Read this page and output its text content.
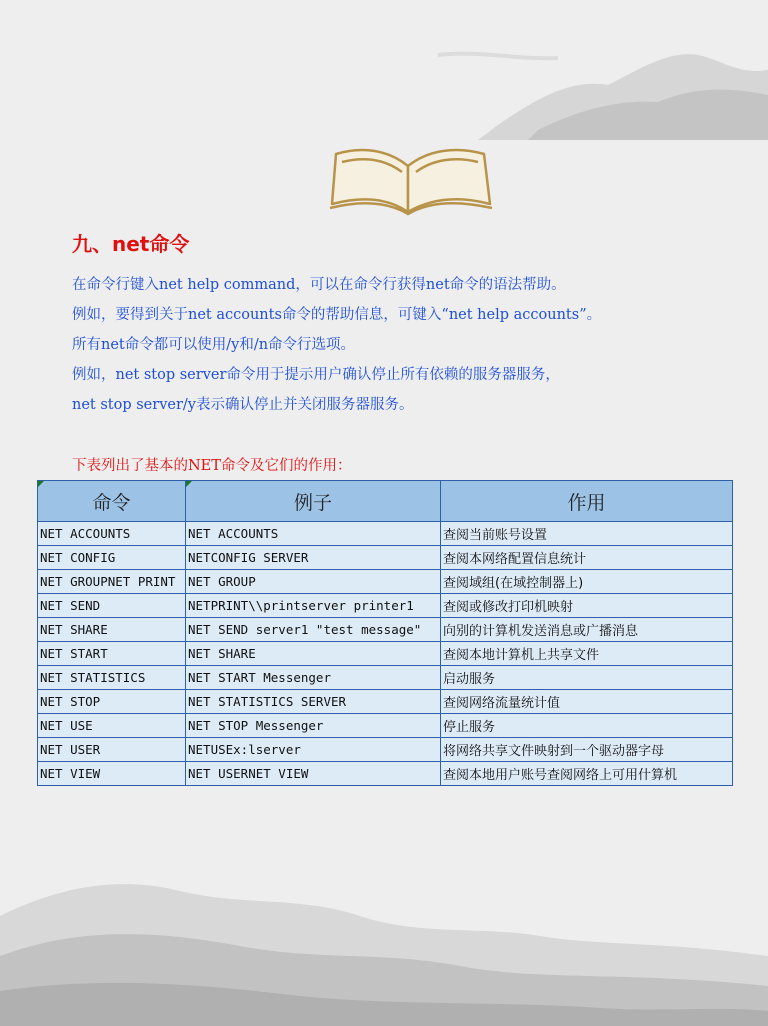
九、net命令
在命令行键入net help command，可以在命令行获得net命令的语法帮助。
例如，要得到关于net accounts命令的帮助信息，可键入“net help accounts”。
所有net命令都可以使用/y和/n命令行选项。
例如，net stop server命令用于提示用户确认停止所有依赖的服务器服务，
net stop server/y表示确认停止并关闭服务器服务。
下表列出了基本的NET命令及它们的作用：
命令	例子	作用
NET ACCOUNTS	NET ACCOUNTS	查阅当前账号设置
NET CONFIG	NETCONFIG SERVER	查阅本网络配置信息统计
NET GROUPNET PRINT	NET GROUP	查阅域组(在域控制器上)
NET SEND	NETPRINT\\printserver printer1	查阅或修改打印机映射
NET SHARE	NET SEND server1 "test message"	向别的计算机发送消息或广播消息
NET START	NET SHARE	查阅本地计算机上共享文件
NET STATISTICS	NET START Messenger	启动服务
NET STOP	NET STATISTICS SERVER	查阅网络流量统计值
NET USE	NET STOP Messenger	停止服务
NET USER	NETUSEx:lserver	将网络共享文件映射到一个驱动器字母
NET VIEW	NET USERNET VIEW	查阅本地用户账号查阅网络上可用什算机
